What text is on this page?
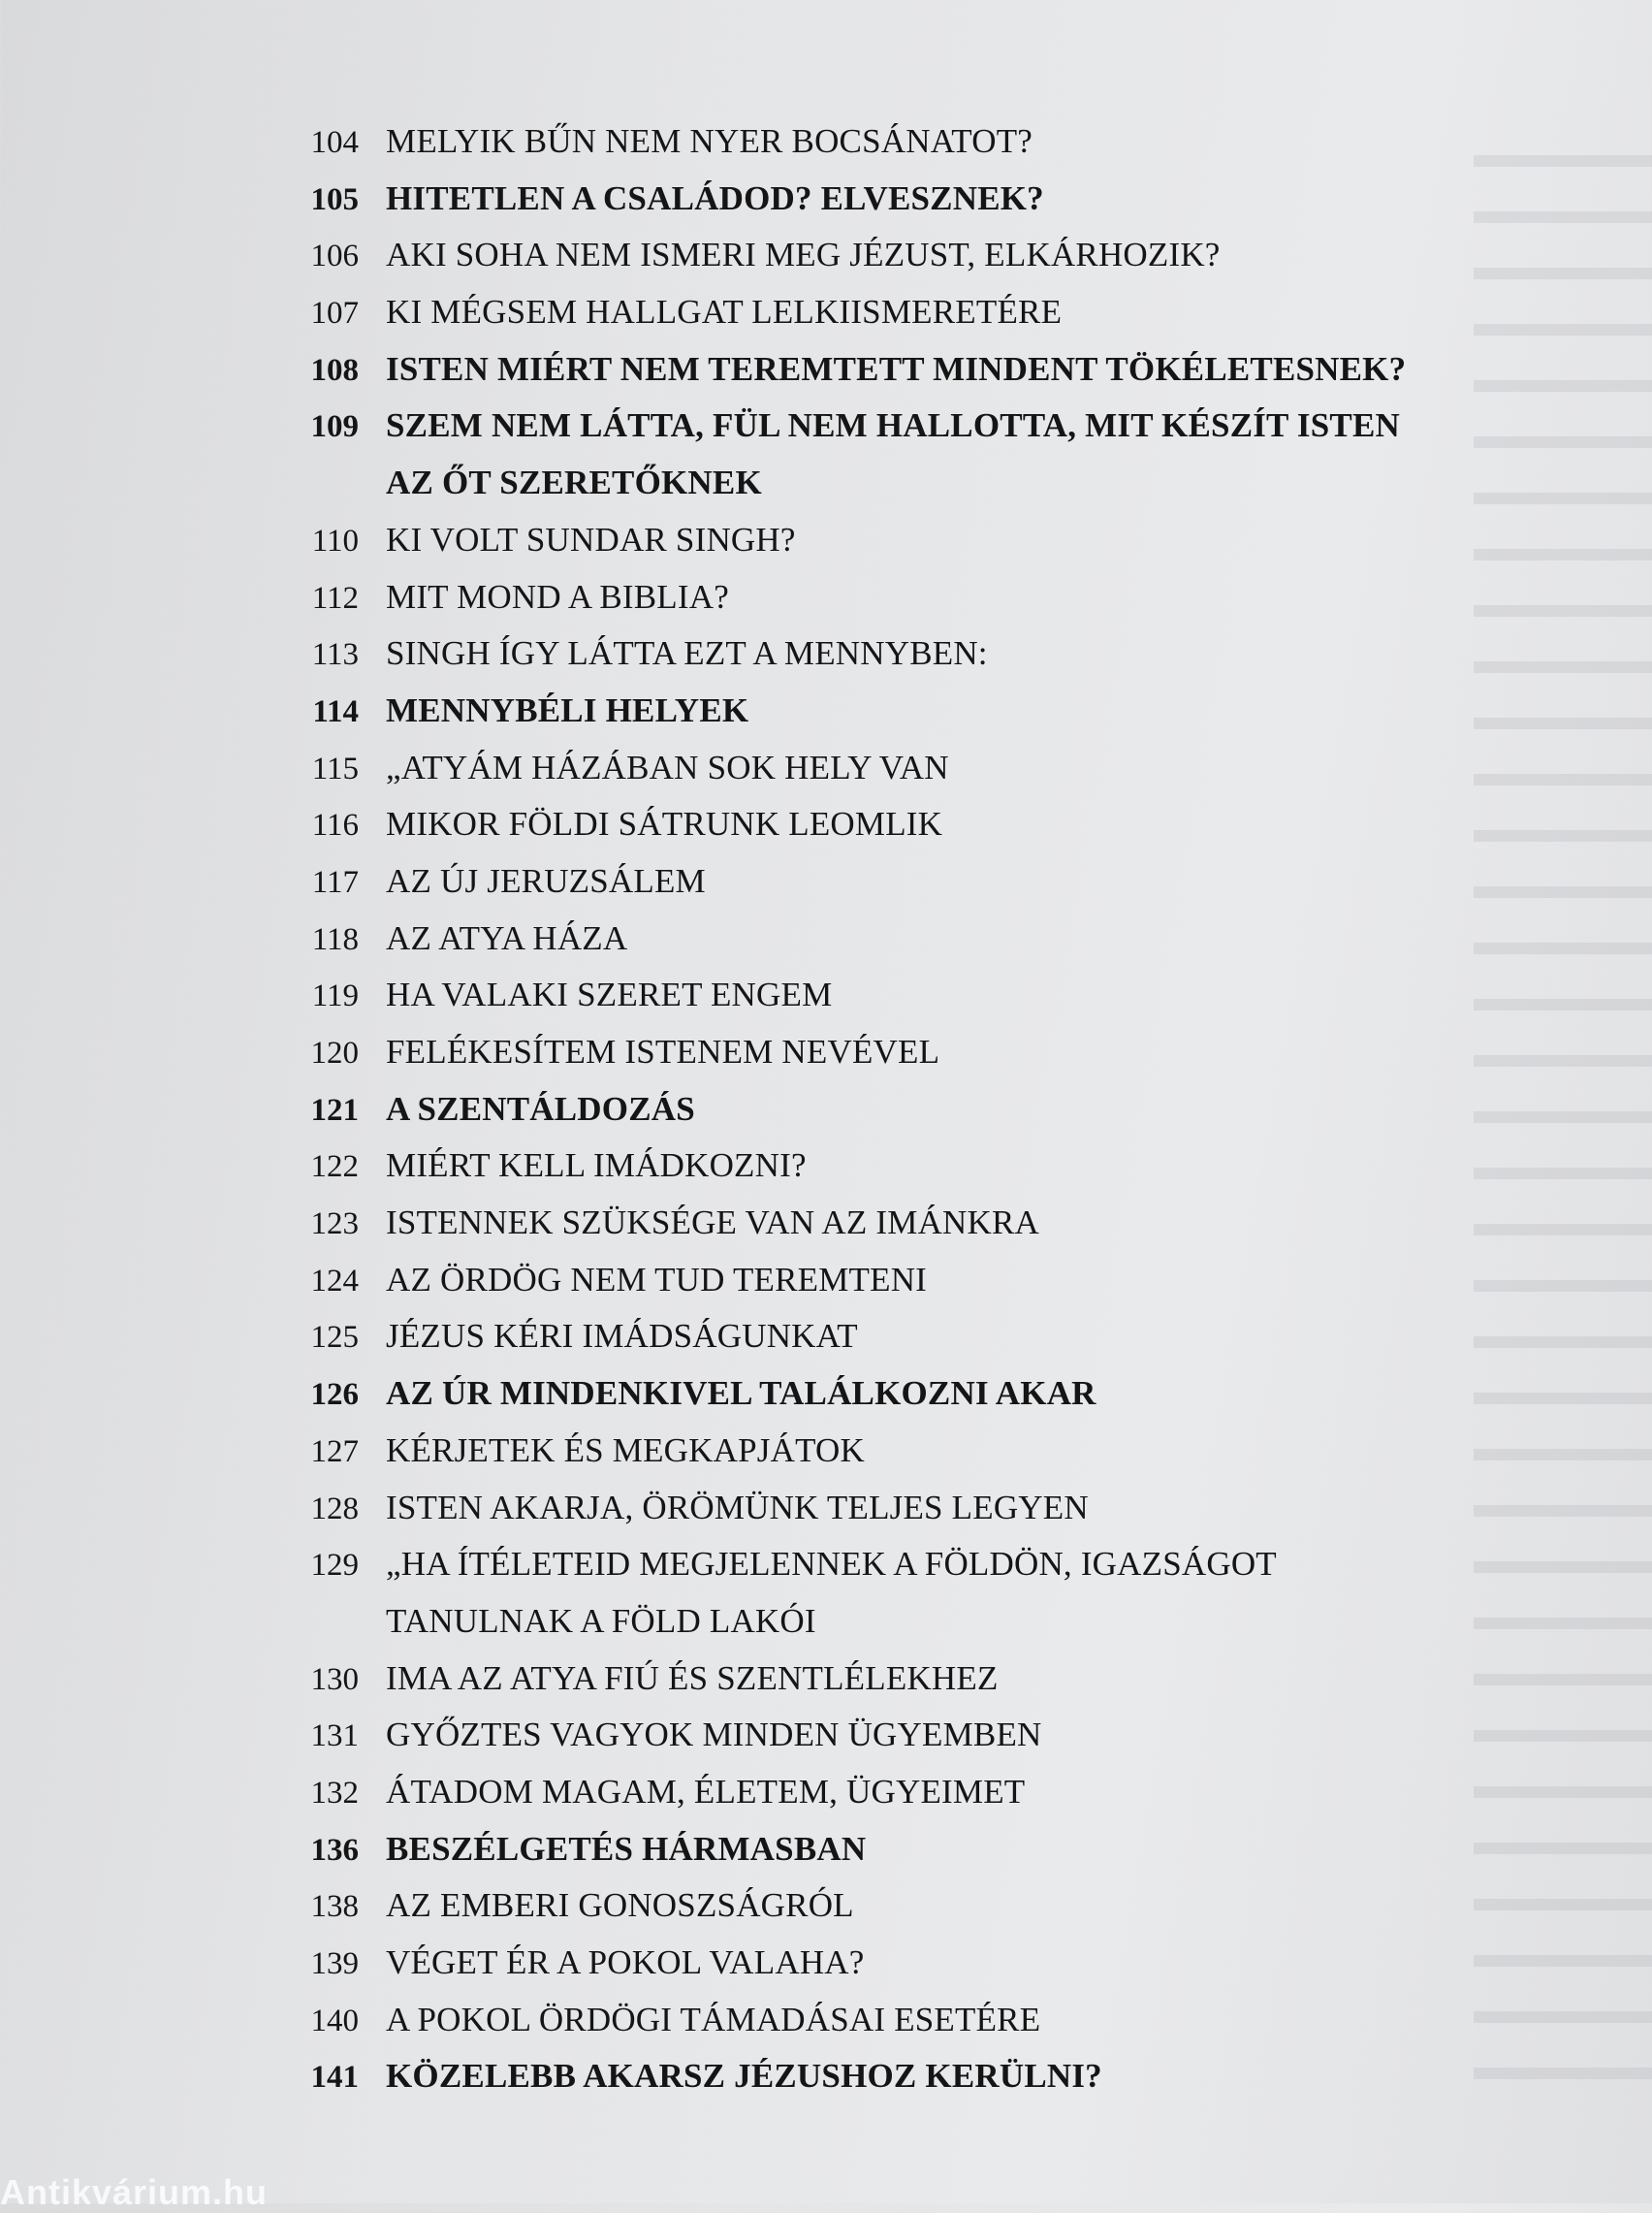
104 MELYIK BŰN NEM NYER BOCSÁNATOT?
105 HITETLEN A CSALÁDOD? ELVESZNEK?
106 AKI SOHA NEM ISMERI MEG JÉZUST, ELKÁRHOZIK?
107 KI MÉGSEM HALLGAT LELKIISMERETÉRE
108 ISTEN MIÉRT NEM TEREMTETT MINDENT TÖKÉLETESNEK?
109 SZEM NEM LÁTTA, FÜL NEM HALLOTTA, MIT KÉSZÍT ISTEN
AZ ŐT SZERETŐKNEK
110 KI VOLT SUNDAR SINGH?
112 MIT MOND A BIBLIA?
113 SINGH ÍGY LÁTTA EZT A MENNYBEN:
114 MENNYBÉLI HELYEK
115 „ATYÁM HÁZÁBAN SOK HELY VAN
116 MIKOR FÖLDI SÁTRUNK LEOMLIK
117 AZ ÚJ JERUZSÁLEM
118 AZ ATYA HÁZA
119 HA VALAKI SZERET ENGEM
120 FELÉKESÍTEM ISTENEM NEVÉVEL
121 A SZENTÁLDOZÁS
122 MIÉRT KELL IMÁDKOZNI?
123 ISTENNEK SZÜKSÉGE VAN AZ IMÁNKRA
124 AZ ÖRDÖG NEM TUD TEREMTENI
125 JÉZUS KÉRI IMÁDSÁGUNKAT
126 AZ ÚR MINDENKIVEL TALÁLKOZNI AKAR
127 KÉRJETEK ÉS MEGKAPJÁTOK
128 ISTEN AKARJA, ÖRÖMÜNK TELJES LEGYEN
129 „HA ÍTÉLETEID MEGJELENNEK A FÖLDÖN, IGAZSÁGOT
TANULNAK A FÖLD LAKÓI
130 IMA AZ ATYA FIÚ ÉS SZENTLÉLEKHEZ
131 GYŐZTES VAGYOK MINDEN ÜGYEMBEN
132 ÁTADOM MAGAM, ÉLETEM, ÜGYEIMET
136 BESZÉLGETÉS HÁRMASBAN
138 AZ EMBERI GONOSZSÁGRÓL
139 VÉGET ÉR A POKOL VALAHA?
140 A POKOL ÖRDÖGI TÁMADÁSAI ESETÉRE
141 KÖZELEBB AKARSZ JÉZUSHOZ KERÜLNI?
Antikvárium.hu
